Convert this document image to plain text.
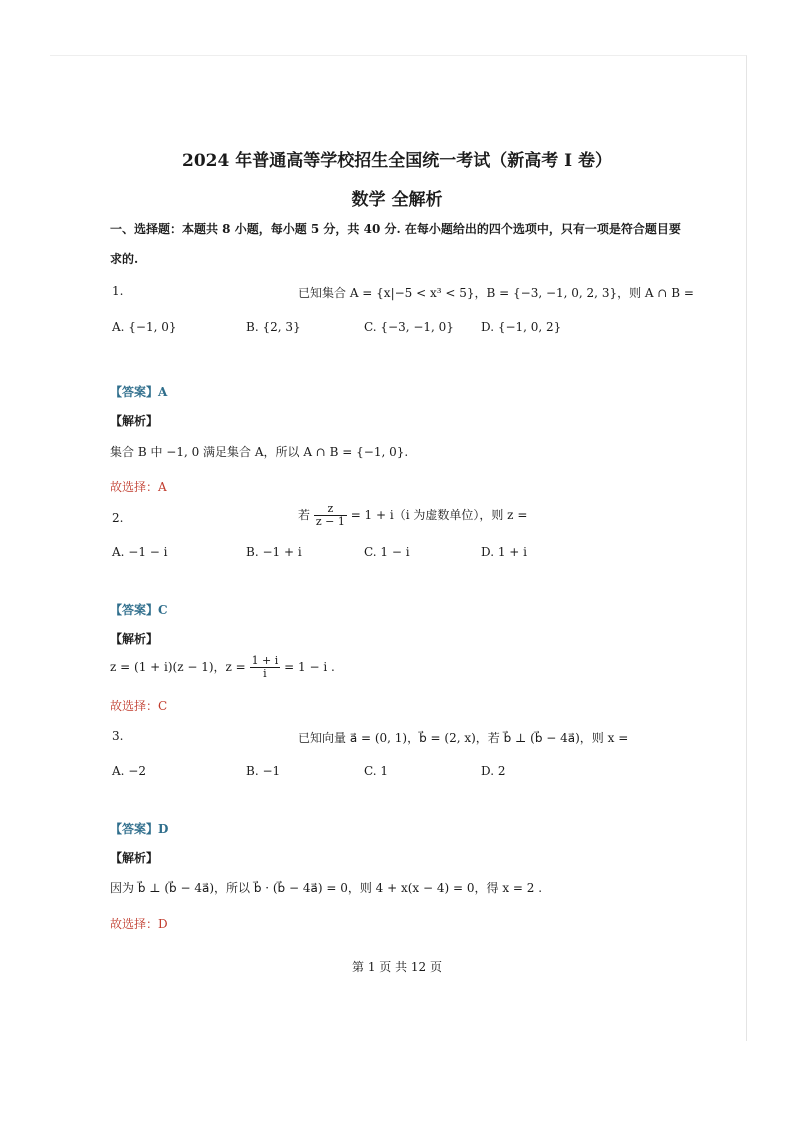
2024 年普通高等学校招生全国统一考试（新高考 I 卷）
数学 全解析
一、选择题：本题共 8 小题，每小题 5 分，共 40 分. 在每小题给出的四个选项中，只有一项是符合题目要
求的.
1.	已知集合 A = {x|−5 < x³ < 5}，B = {−3, −1, 0, 2, 3}，则 A ∩ B =
A. {−1, 0}	B. {2, 3}	C. {−3, −1, 0} D. {−1, 0, 2}
【答案】A
【解析】
集合 B 中 −1, 0 满足集合 A，所以 A ∩ B = {−1, 0}.
故选择：A
2.	若 $\frac{z}{z - 1} = 1 + i(i$ 为虚数单位），则 z =
A. −1 − i	B. −1 + i	C. 1 − i	D. 1 + i
【答案】C
【解析】
z = (1 + i)(z − 1)，$z = \frac{1 + i}{i} = 1 - i$ .
故选择：C
3.	已知向量 a⃗ = (0, 1)，b⃗ = (2, x)，若 b⃗ ⊥ (b⃗ − 4a⃗)，则 x =
A. −2	B. −1	C. 1	D. 2
【答案】D
【解析】
因为 b⃗ ⊥ (b⃗ − 4a⃗)，所以 b⃗ · (b⃗ − 4a⃗) = 0，则 4 + x(x − 4) = 0，得 x = 2 .
故选择：D
第 1 页 共 12 页
